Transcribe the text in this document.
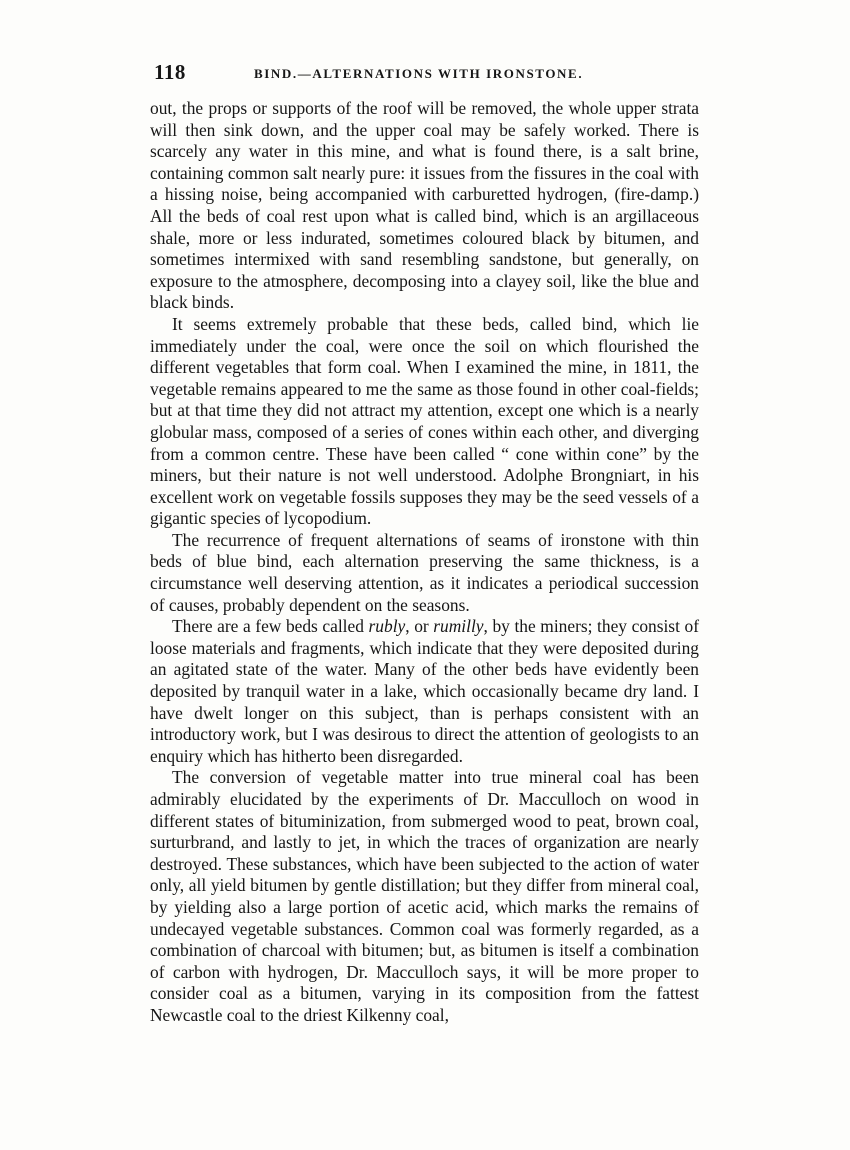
118	BIND.—ALTERNATIONS WITH IRONSTONE.

out, the props or supports of the roof will be removed, the whole upper strata will then sink down, and the upper coal may be safely worked. There is scarcely any water in this mine, and what is found there, is a salt brine, containing common salt nearly pure: it issues from the fissures in the coal with a hissing noise, being accompanied with carburetted hydrogen, (fire-damp.) All the beds of coal rest upon what is called bind, which is an argillaceous shale, more or less indurated, sometimes coloured black by bitumen, and sometimes intermixed with sand resembling sandstone, but generally, on exposure to the atmosphere, decomposing into a clayey soil, like the blue and black binds.

It seems extremely probable that these beds, called bind, which lie immediately under the coal, were once the soil on which flourished the different vegetables that form coal. When I examined the mine, in 1811, the vegetable remains appeared to me the same as those found in other coal-fields; but at that time they did not attract my attention, except one which is a nearly globular mass, composed of a series of cones within each other, and diverging from a common centre. These have been called “ cone within cone” by the miners, but their nature is not well understood. Adolphe Brongniart, in his excellent work on vegetable fossils supposes they may be the seed vessels of a gigantic species of lycopodium.

The recurrence of frequent alternations of seams of ironstone with thin beds of blue bind, each alternation preserving the same thickness, is a circumstance well deserving attention, as it indicates a periodical succession of causes, probably dependent on the seasons.

There are a few beds called rubly, or rumilly, by the miners; they consist of loose materials and fragments, which indicate that they were deposited during an agitated state of the water. Many of the other beds have evidently been deposited by tranquil water in a lake, which occasionally became dry land. I have dwelt longer on this subject, than is perhaps consistent with an introductory work, but I was desirous to direct the attention of geologists to an enquiry which has hitherto been disregarded.

The conversion of vegetable matter into true mineral coal has been admirably elucidated by the experiments of Dr. Macculloch on wood in different states of bituminization, from submerged wood to peat, brown coal, surturbrand, and lastly to jet, in which the traces of organization are nearly destroyed. These substances, which have been subjected to the action of water only, all yield bitumen by gentle distillation; but they differ from mineral coal, by yielding also a large portion of acetic acid, which marks the remains of undecayed vegetable substances. Common coal was formerly regarded, as a combination of charcoal with bitumen; but, as bitumen is itself a combination of carbon with hydrogen, Dr. Macculloch says, it will be more proper to consider coal as a bitumen, varying in its composition from the fattest Newcastle coal to the driest Kilkenny coal,
